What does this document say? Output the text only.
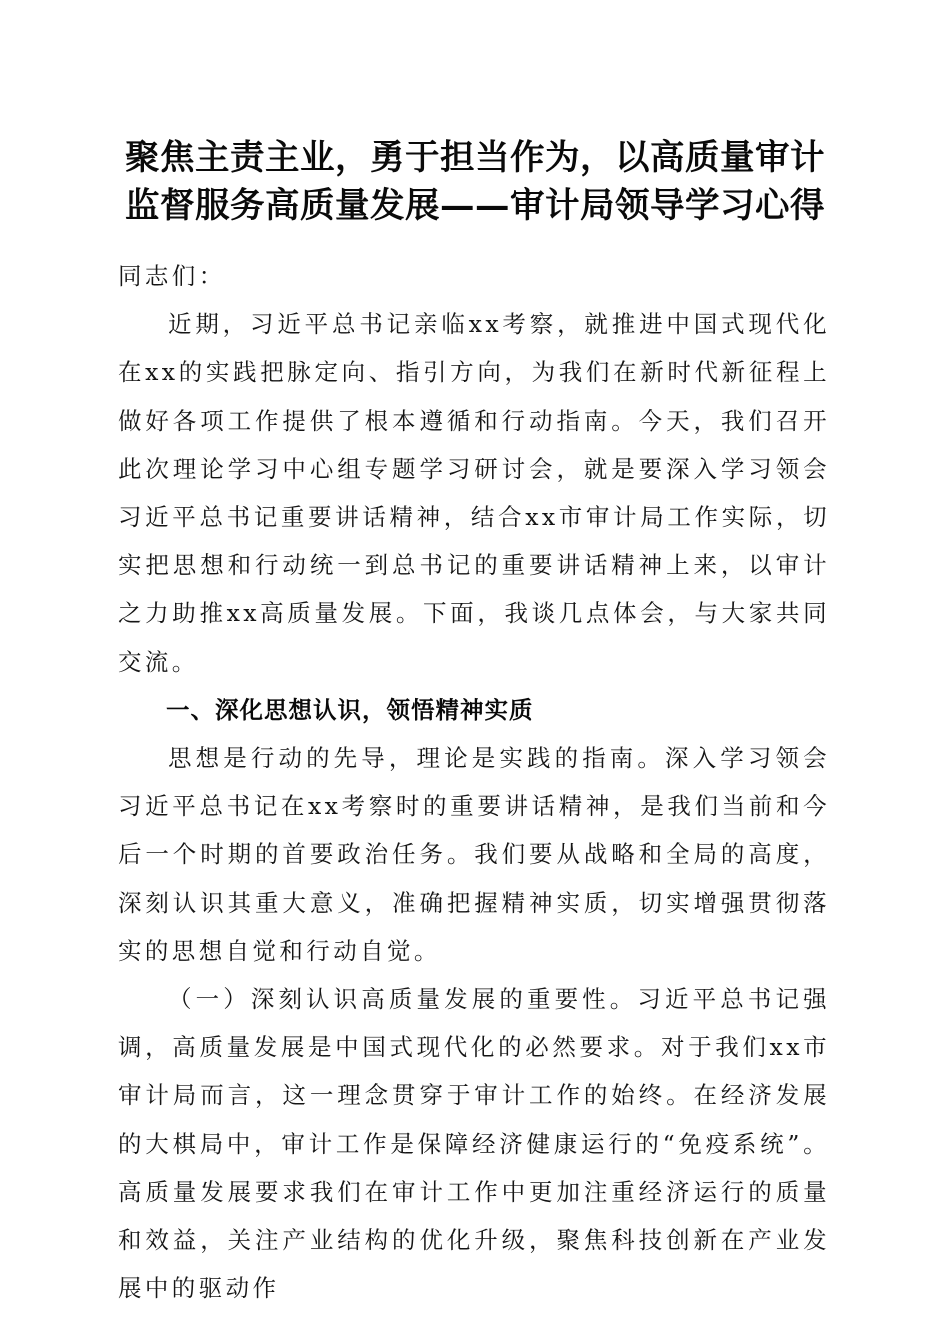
聚焦主责主业，勇于担当作为，以高质量审计
监督服务高质量发展——审计局领导学习心得

同志们：

近期，习近平总书记亲临xx考察，就推进中国式现代化在xx的实践把脉定向、指引方向，为我们在新时代新征程上做好各项工作提供了根本遵循和行动指南。今天，我们召开此次理论学习中心组专题学习研讨会，就是要深入学习领会习近平总书记重要讲话精神，结合xx市审计局工作实际，切实把思想和行动统一到总书记的重要讲话精神上来，以审计之力助推xx高质量发展。下面，我谈几点体会，与大家共同交流。

一、深化思想认识，领悟精神实质

思想是行动的先导，理论是实践的指南。深入学习领会习近平总书记在xx考察时的重要讲话精神，是我们当前和今后一个时期的首要政治任务。我们要从战略和全局的高度，深刻认识其重大意义，准确把握精神实质，切实增强贯彻落实的思想自觉和行动自觉。

（一）深刻认识高质量发展的重要性。习近平总书记强调，高质量发展是中国式现代化的必然要求。对于我们xx市审计局而言，这一理念贯穿于审计工作的始终。在经济发展的大棋局中，审计工作是保障经济健康运行的“免疫系统”。高质量发展要求我们在审计工作中更加注重经济运行的质量和效益，关注产业结构的优化升级，聚焦科技创新在产业发展中的驱动作
